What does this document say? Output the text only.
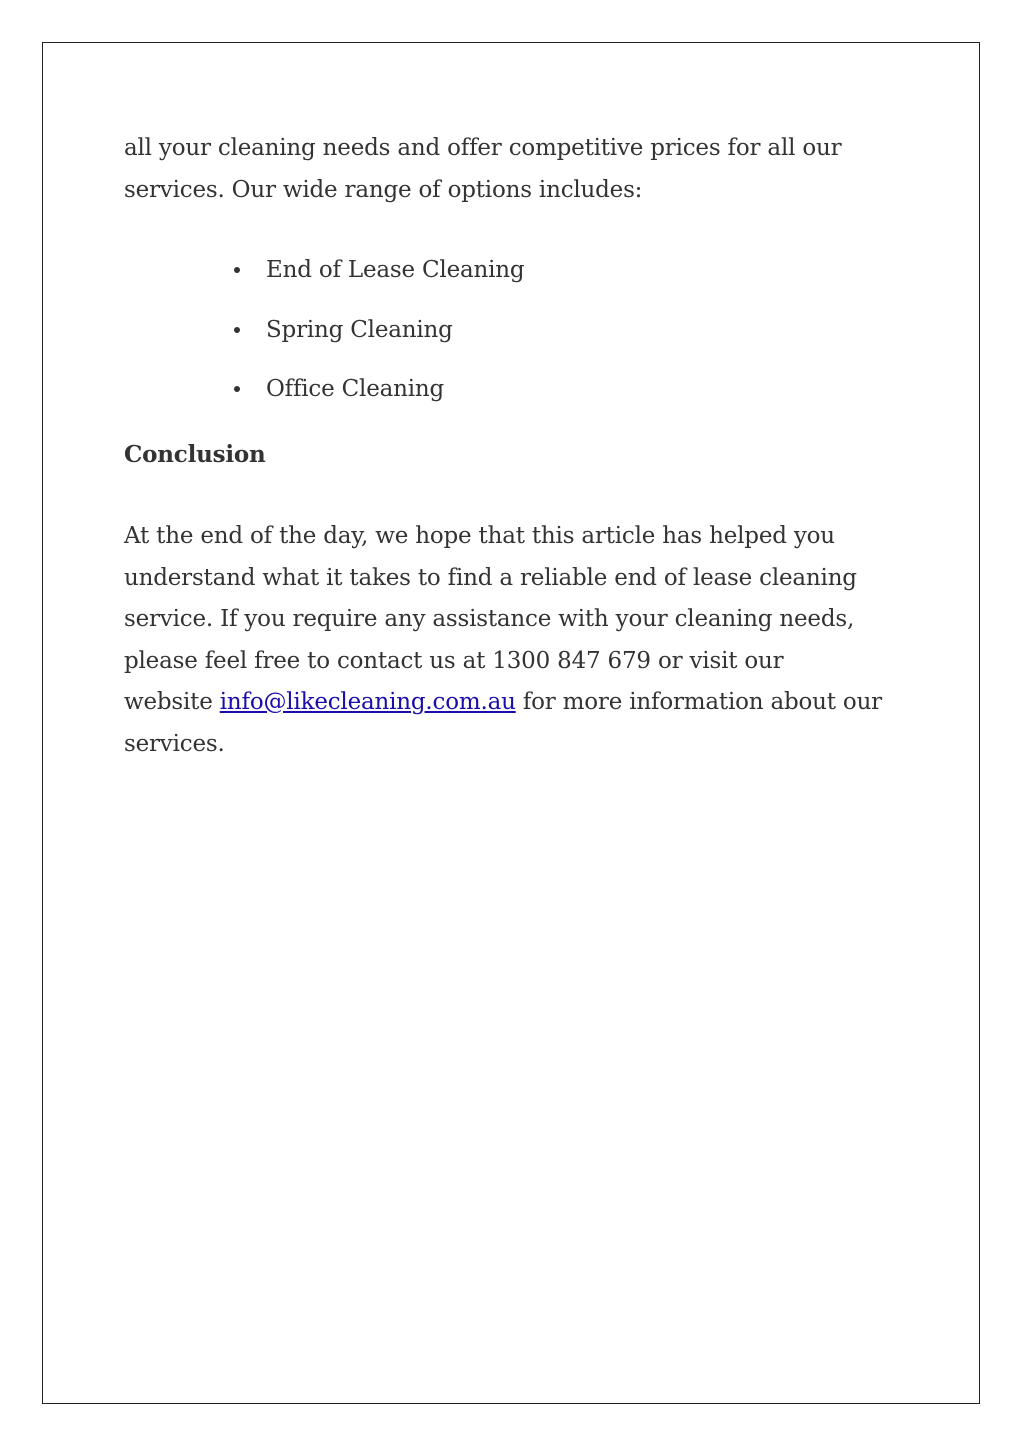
all your cleaning needs and offer competitive prices for all our
services. Our wide range of options includes:

End of Lease Cleaning
Spring Cleaning
Office Cleaning
Conclusion

At the end of the day, we hope that this article has helped you
understand what it takes to find a reliable end of lease cleaning
service. If you require any assistance with your cleaning needs,
please feel free to contact us at 1300 847 679 or visit our
website info@likecleaning.com.au for more information about our
services.
